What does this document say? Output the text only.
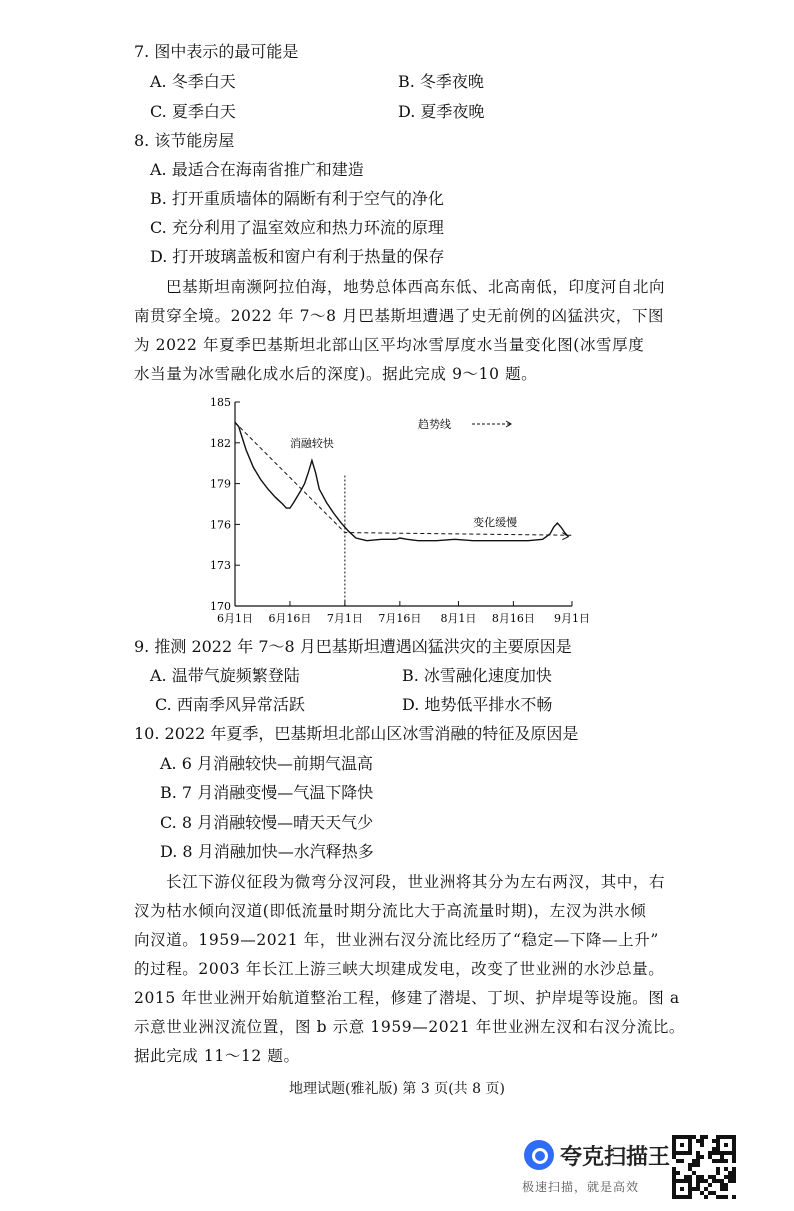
7. 图中表示的最可能是
A. 冬季白天	B. 冬季夜晚
C. 夏季白天	D. 夏季夜晚
8. 该节能房屋
A. 最适合在海南省推广和建造
B. 打开重质墙体的隔断有利于空气的净化
C. 充分利用了温室效应和热力环流的原理
D. 打开玻璃盖板和窗户有利于热量的保存
巴基斯坦南濒阿拉伯海，地势总体西高东低、北高南低，印度河自北向
南贯穿全境。2022 年 7～8 月巴基斯坦遭遇了史无前例的凶猛洪灾，下图
为 2022 年夏季巴基斯坦北部山区平均冰雪厚度水当量变化图(冰雪厚度
水当量为冰雪融化成水后的深度)。据此完成 9～10 题。
170
173
176
179
182
185
6月1日 6月16日 7月1日 7月16日 8月1日 8月16日 9月1日
趋势线
消融较快
变化缓慢
9. 推测 2022 年 7～8 月巴基斯坦遭遇凶猛洪灾的主要原因是
A. 温带气旋频繁登陆	B. 冰雪融化速度加快
C. 西南季风异常活跃	D. 地势低平排水不畅
10. 2022 年夏季，巴基斯坦北部山区冰雪消融的特征及原因是
A. 6 月消融较快—前期气温高
B. 7 月消融变慢—气温下降快
C. 8 月消融较慢—晴天天气少
D. 8 月消融加快—水汽释热多
长江下游仪征段为微弯分汊河段，世业洲将其分为左右两汊，其中，右
汊为枯水倾向汊道(即低流量时期分流比大于高流量时期)，左汊为洪水倾
向汊道。1959—2021 年，世业洲右汊分流比经历了“稳定—下降—上升”
的过程。2003 年长江上游三峡大坝建成发电，改变了世业洲的水沙总量。
2015 年世业洲开始航道整治工程，修建了潜堤、丁坝、护岸堤等设施。图 a
示意世业洲汊流位置，图 b 示意 1959—2021 年世业洲左汊和右汊分流比。
据此完成 11～12 题。
地理试题(雅礼版) 第 3 页(共 8 页)
夸克扫描王
极速扫描，就是高效
